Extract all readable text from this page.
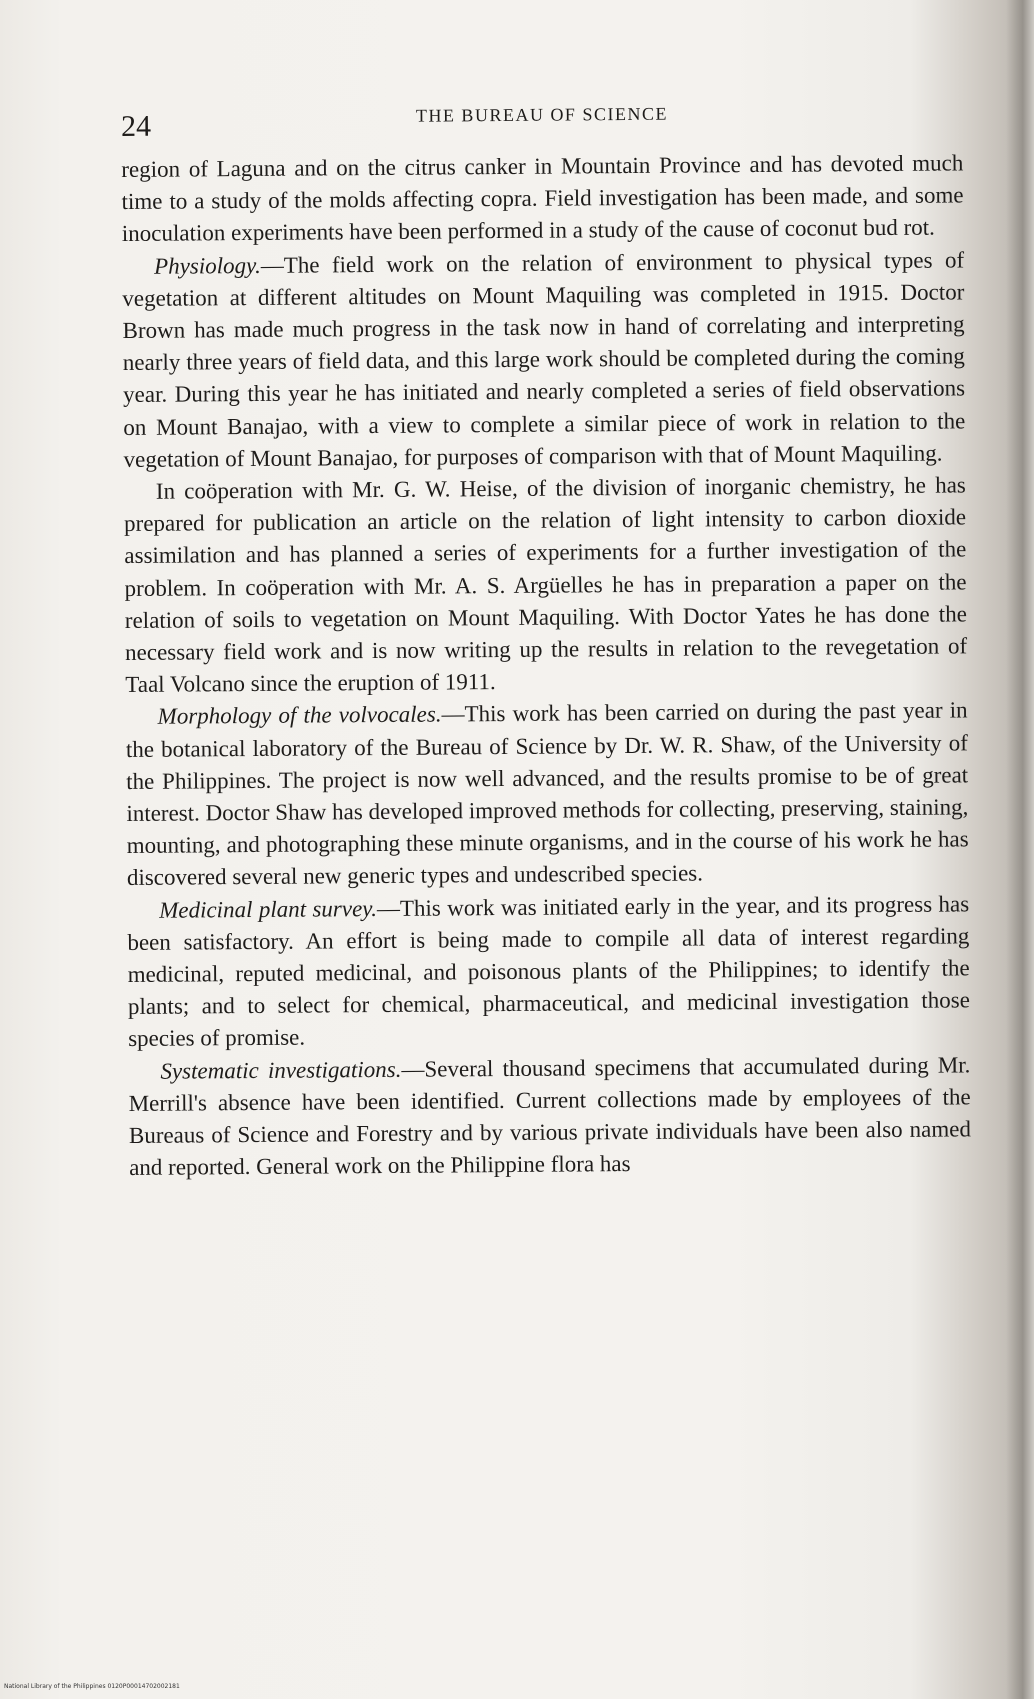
24	THE BUREAU OF SCIENCE

region of Laguna and on the citrus canker in Mountain Province and has devoted much time to a study of the molds affecting copra. Field investigation has been made, and some inoculation experiments have been performed in a study of the cause of coconut bud rot.

Physiology.—The field work on the relation of environment to physical types of vegetation at different altitudes on Mount Maquiling was completed in 1915. Doctor Brown has made much progress in the task now in hand of correlating and interpreting nearly three years of field data, and this large work should be completed during the coming year. During this year he has initiated and nearly completed a series of field observations on Mount Banajao, with a view to complete a similar piece of work in relation to the vegetation of Mount Banajao, for purposes of comparison with that of Mount Maquiling.

In coöperation with Mr. G. W. Heise, of the division of inorganic chemistry, he has prepared for publication an article on the relation of light intensity to carbon dioxide assimilation and has planned a series of experiments for a further investigation of the problem. In coöperation with Mr. A. S. Argüelles he has in preparation a paper on the relation of soils to vegetation on Mount Maquiling. With Doctor Yates he has done the necessary field work and is now writing up the results in relation to the revegetation of Taal Volcano since the eruption of 1911.

Morphology of the volvocales.—This work has been carried on during the past year in the botanical laboratory of the Bureau of Science by Dr. W. R. Shaw, of the University of the Philippines. The project is now well advanced, and the results promise to be of great interest. Doctor Shaw has developed improved methods for collecting, preserving, staining, mounting, and photographing these minute organisms, and in the course of his work he has discovered several new generic types and undescribed species.

Medicinal plant survey.—This work was initiated early in the year, and its progress has been satisfactory. An effort is being made to compile all data of interest regarding medicinal, reputed medicinal, and poisonous plants of the Philippines; to identify the plants; and to select for chemical, pharmaceutical, and medicinal investigation those species of promise.

Systematic investigations.—Several thousand specimens that accumulated during Mr. Merrill's absence have been identified. Current collections made by employees of the Bureaus of Science and Forestry and by various private individuals have been also named and reported. General work on the Philippine flora has

National Library of the Philippines 0120P00014702002181
